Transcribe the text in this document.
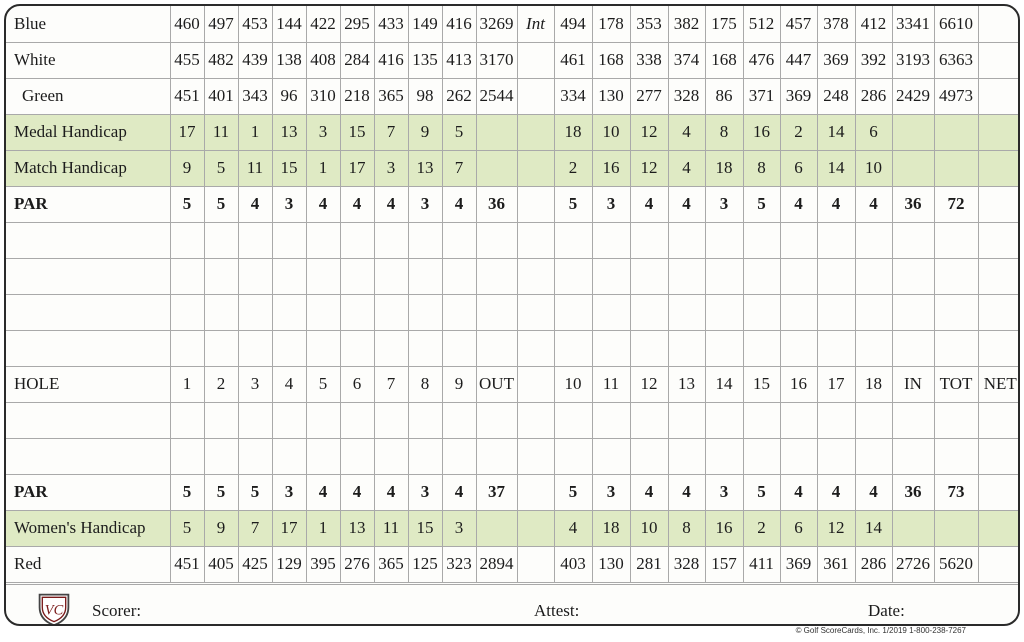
Blue	460	497	453	144	422	295	433	149	416	3269	Int	494	178	353	382	175	512	457	378	412	3341	6610	
White	455	482	439	138	408	284	416	135	413	3170		461	168	338	374	168	476	447	369	392	3193	6363	
Green	451	401	343	96	310	218	365	98	262	2544		334	130	277	328	86	371	369	248	286	2429	4973	
Medal Handicap	17	11	1	13	3	15	7	9	5			18	10	12	4	8	16	2	14	6			
Match Handicap	9	5	11	15	1	17	3	13	7			2	16	12	4	18	8	6	14	10			
PAR	5	5	4	3	4	4	4	3	4	36		5	3	4	4	3	5	4	4	4	36	72	

HOLE	1	2	3	4	5	6	7	8	9	OUT		10	11	12	13	14	15	16	17	18	IN	TOT	NET

PAR	5	5	5	3	4	4	4	3	4	37		5	3	4	4	3	5	4	4	4	36	73	
Women's Handicap	5	9	7	17	1	13	11	15	3			4	18	10	8	16	2	6	12	14			
Red	451	405	425	129	395	276	365	125	323	2894		403	130	281	328	157	411	369	361	286	2726	5620	
VC Scorer:	Attest:	Date:
© Golf ScoreCards, Inc. 1/2019 1-800-238-7267
